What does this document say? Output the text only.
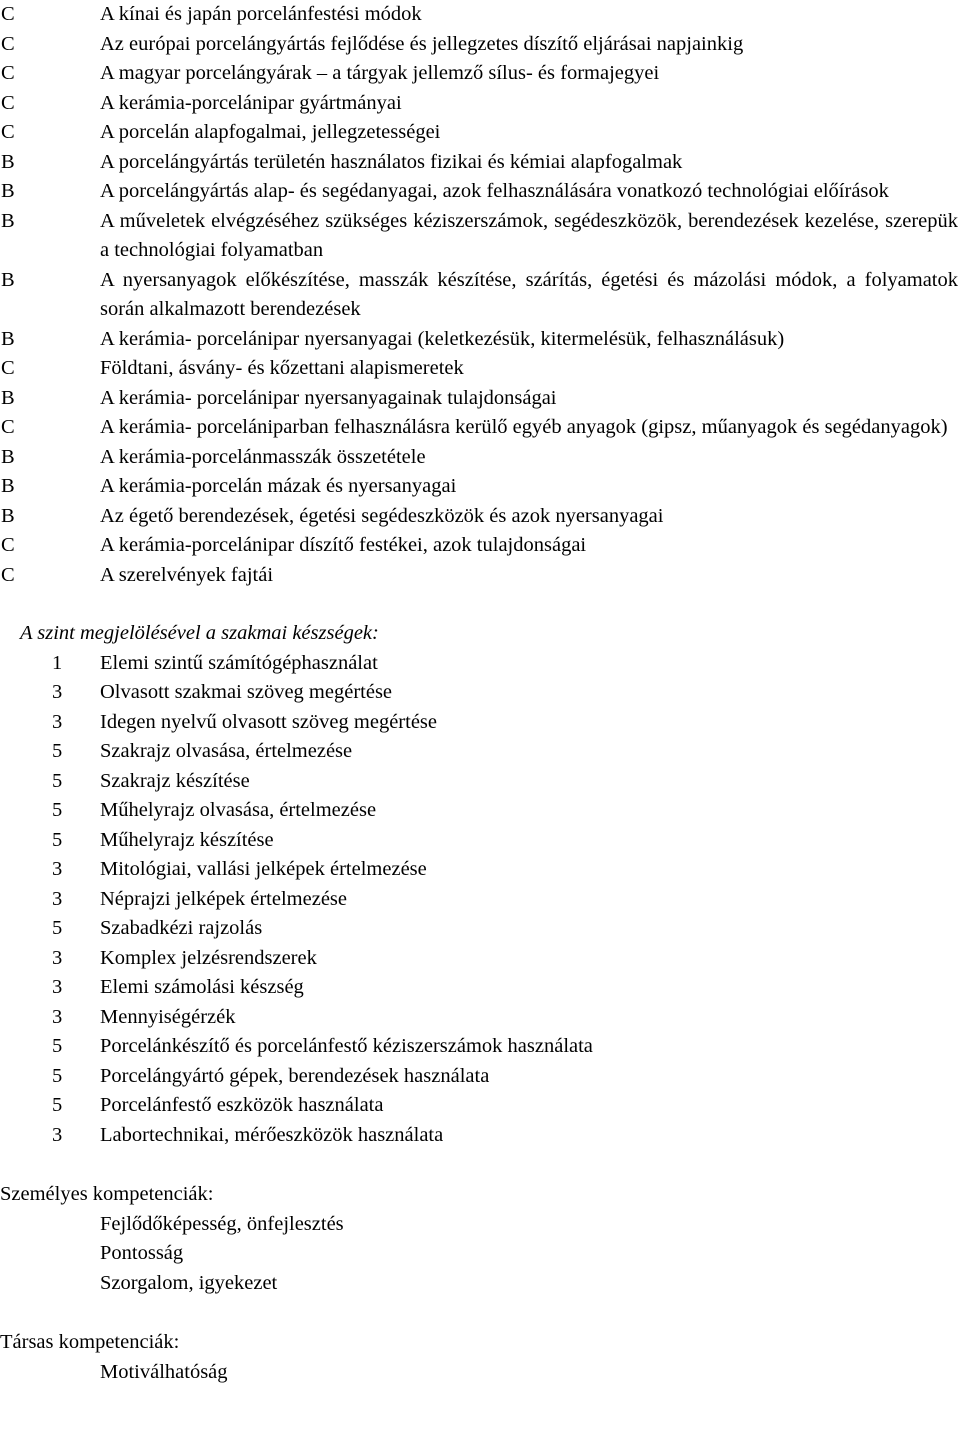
C	A kínai és japán porcelánfestési módok
C	Az európai porcelángyártás fejlődése és jellegzetes díszítő eljárásai napjainkig
C	A magyar porcelángyárak – a tárgyak jellemző sílus- és formajegyei
C	A kerámia-porcelánipar gyártmányai
C	A porcelán alapfogalmai, jellegzetességei
B	A porcelángyártás területén használatos fizikai és kémiai alapfogalmak
B	A porcelángyártás alap- és segédanyagai, azok felhasználására vonatkozó technológiai előírások
B	A műveletek elvégzéséhez szükséges kéziszerszámok, segédeszközök, berendezések kezelése, szerepük a technológiai folyamatban
B	A nyersanyagok előkészítése, masszák készítése, szárítás, égetési és mázolási módok, a folyamatok során alkalmazott berendezések
B	A kerámia- porcelánipar nyersanyagai (keletkezésük, kitermelésük, felhasználásuk)
C	Földtani, ásvány- és kőzettani alapismeretek
B	A kerámia- porcelánipar nyersanyagainak tulajdonságai
C	A kerámia- porcelániparban felhasználásra kerülő egyéb anyagok (gipsz, műanyagok és segédanyagok)
B	A kerámia-porcelánmasszák összetétele
B	A kerámia-porcelán mázak és nyersanyagai
B	Az égető berendezések, égetési segédeszközök és azok nyersanyagai
C	A kerámia-porcelánipar díszítő festékei, azok tulajdonságai
C	A szerelvények fajtái
A szint megjelölésével a szakmai készségek:
1	Elemi szintű számítógéphasználat
3	Olvasott szakmai szöveg megértése
3	Idegen nyelvű olvasott szöveg megértése
5	Szakrajz olvasása, értelmezése
5	Szakrajz készítése
5	Műhelyrajz olvasása, értelmezése
5	Műhelyrajz készítése
3	Mitológiai, vallási jelképek értelmezése
3	Néprajzi jelképek értelmezése
5	Szabadkézi rajzolás
3	Komplex jelzésrendszerek
3	Elemi számolási készség
3	Mennyiségérzék
5	Porcelánkészítő és porcelánfestő kéziszerszámok használata
5	Porcelángyártó gépek, berendezések használata
5	Porcelánfestő eszközök használata
3	Labortechnikai, mérőeszközök használata
Személyes kompetenciák:
Fejlődőképesség, önfejlesztés
Pontosság
Szorgalom, igyekezet
Társas kompetenciák:
Motiválhatóság
